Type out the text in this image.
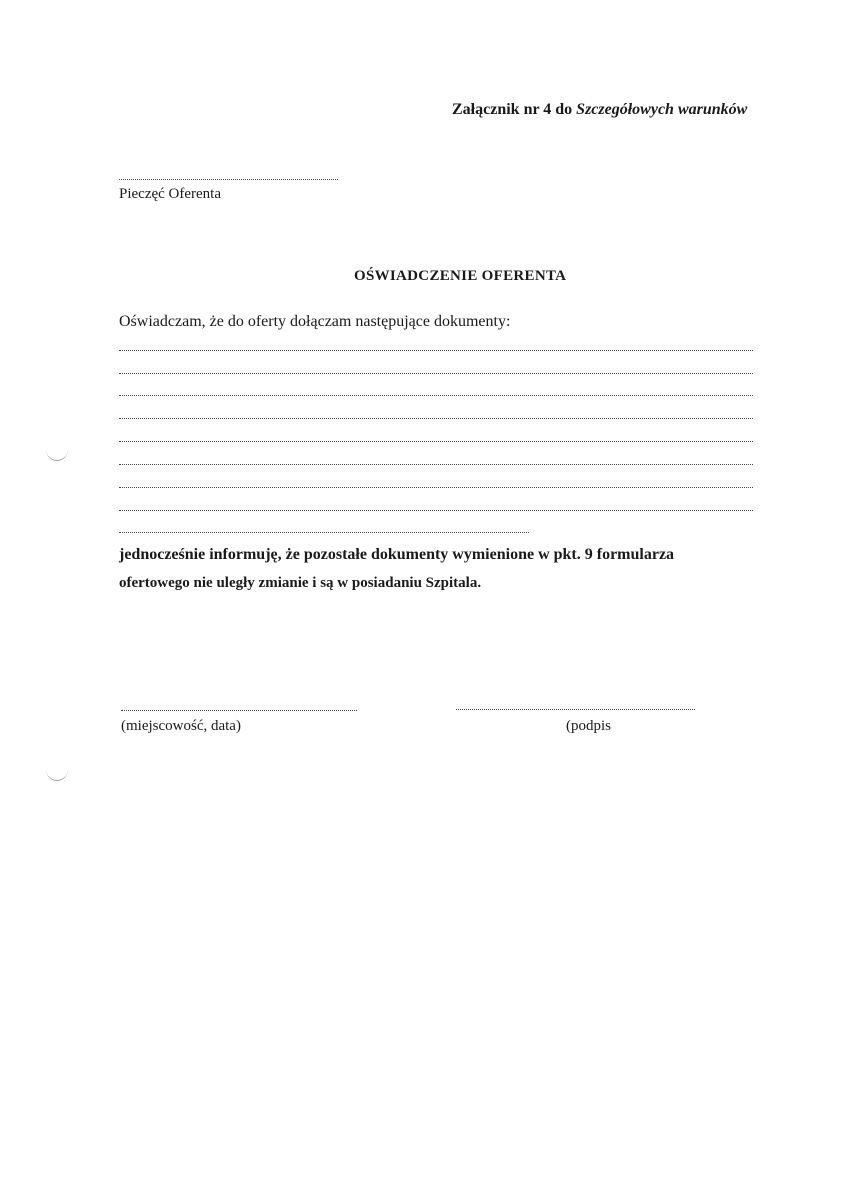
Załącznik nr 4 do Szczegółowych warunków
Pieczęć Oferenta
OŚWIADCZENIE OFERENTA
Oświadczam, że do oferty dołączam następujące dokumenty:
jednocześnie informuję, że pozostałe dokumenty wymienione w pkt. 9 formularza
ofertowego nie uległy zmianie i są w posiadaniu Szpitala.
(miejscowość, data)	(podpis
